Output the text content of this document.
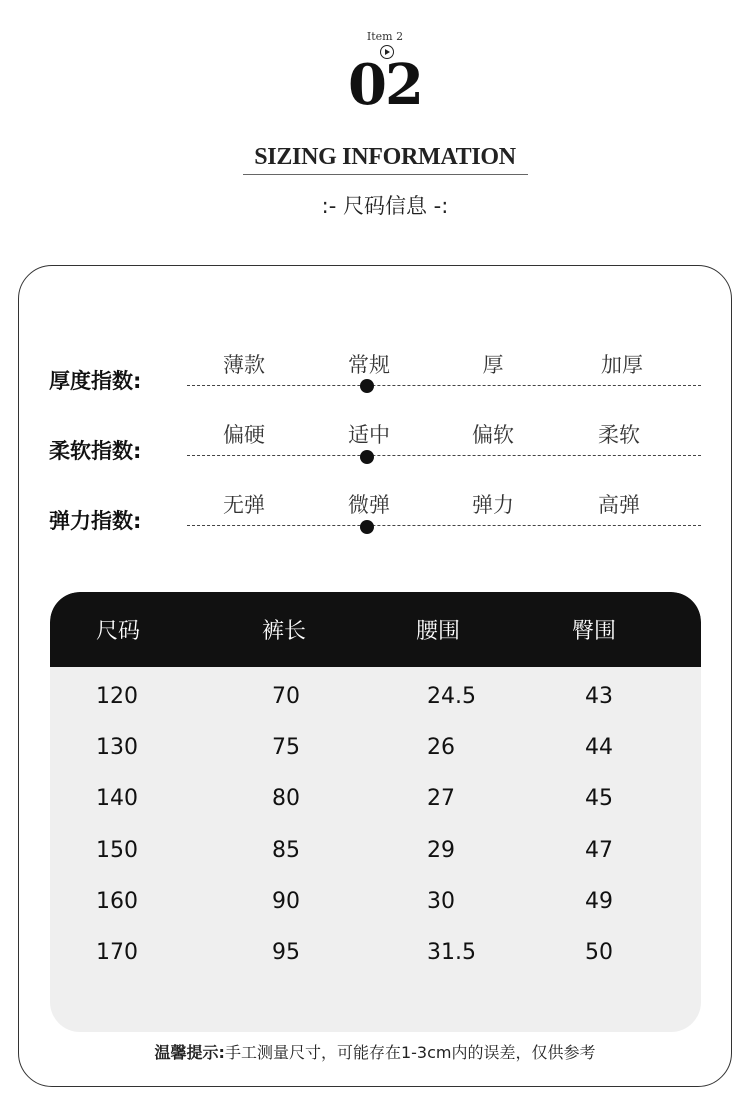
Item 2
02
SIZING INFORMATION
:- 尺码信息 -:
厚度指数:
薄款	常规	厚	加厚
柔软指数:
偏硬	适中	偏软	柔软
弹力指数:
无弹	微弹	弹力	高弹
尺码	裤长	腰围	臀围
120	70	24.5	43
130	75	26	44
140	80	27	45
150	85	29	47
160	90	30	49
170	95	31.5	50
温馨提示:手工测量尺寸，可能存在1-3cm内的误差，仅供参考
